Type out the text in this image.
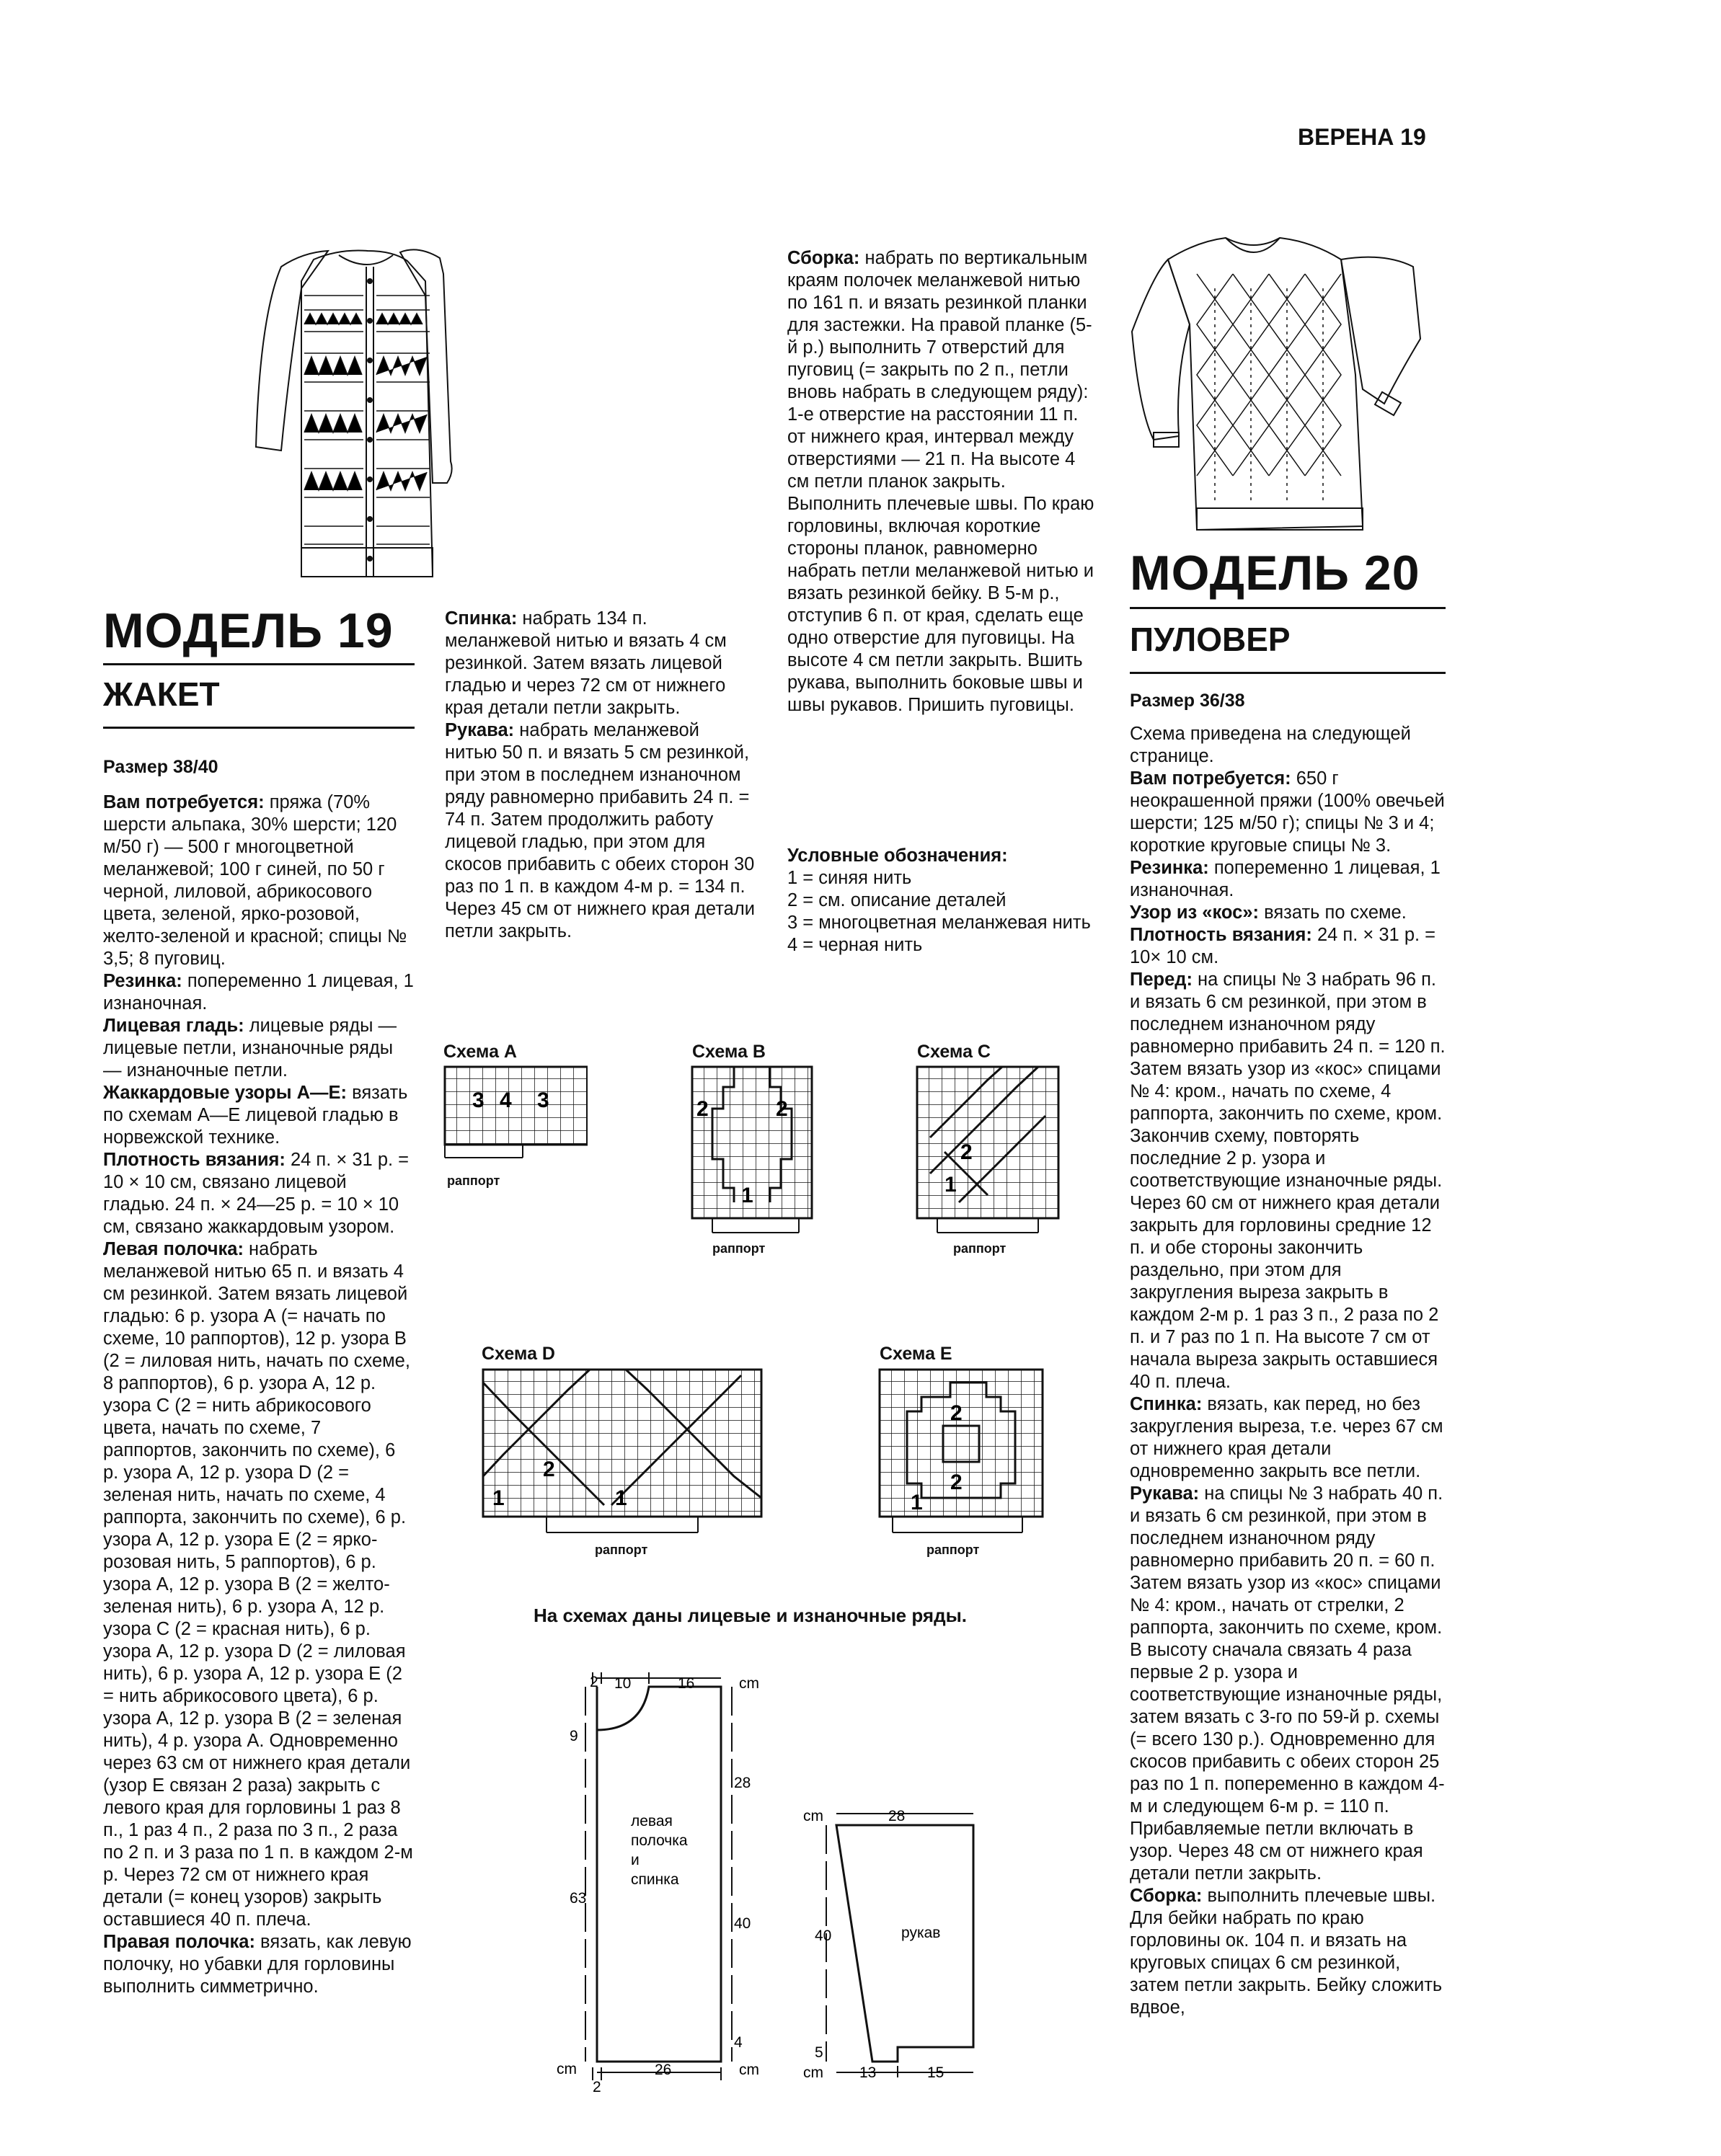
ВЕРЕНА 19
МОДЕЛЬ 19
ЖАКЕТ
Размер 38/40

Вам потребуется: пряжа (70% шерсти альпака, 30% шерсти; 120 м/50 г) — 500 г многоцветной меланжевой; 100 г синей, по 50 г черной, лиловой, абрикосового цвета, зеленой, ярко-розовой, желто-зеленой и красной; спицы № 3,5; 8 пуговиц.

Резинка: попеременно 1 лицевая, 1 изнаночная.

Лицевая гладь: лицевые ряды — лицевые петли, изнаночные ряды — изнаночные петли.

Жаккардовые узоры А—Е: вязать по схемам А—Е лицевой гладью в норвежской технике.

Плотность вязания: 24 п. × 31 р. = 10 × 10 см, связано лицевой гладью. 24 п. × 24—25 р. = 10 × 10 см, связано жаккардовым узором.

Левая полочка: набрать меланжевой нитью 65 п. и вязать 4 см резинкой. Затем вязать лицевой гладью: 6 р. узора А (= начать по схеме, 10 раппортов), 12 р. узора В (2 = лиловая нить, начать по схеме, 8 раппортов), 6 р. узора А, 12 р. узора С (2 = нить абрикосового цвета, начать по схеме, 7 раппортов, закончить по схеме), 6 р. узора А, 12 р. узора D (2 = зеленая нить, начать по схеме, 4 раппорта, закончить по схеме), 6 р. узора А, 12 р. узора Е (2 = ярко-розовая нить, 5 раппортов), 6 р. узора А, 12 р. узора В (2 = желто-зеленая нить), 6 р. узора А, 12 р. узора С (2 = красная нить), 6 р. узора А, 12 р. узора D (2 = лиловая нить), 6 р. узора А, 12 р. узора Е (2 = нить абрикосового цвета), 6 р. узора А, 12 р. узора В (2 = зеленая нить), 4 р. узора А. Одновременно через 63 см от нижнего края детали (узор Е связан 2 раза) закрыть с левого края для горловины 1 раз 8 п., 1 раз 4 п., 2 раза по 3 п., 2 раза по 2 п. и 3 раза по 1 п. в каждом 2-м р. Через 72 см от нижнего края детали (= конец узоров) закрыть оставшиеся 40 п. плеча.

Правая полочка: вязать, как левую полочку, но убавки для горловины выполнить симметрично.

Спинка: набрать 134 п. меланжевой нитью и вязать 4 см резинкой. Затем вязать лицевой гладью и через 72 см от нижнего края детали петли закрыть.

Рукава: набрать меланжевой нитью 50 п. и вязать 5 см резинкой, при этом в последнем изнаночном ряду равномерно прибавить 24 п. = 74 п. Затем продолжить работу лицевой гладью, при этом для скосов прибавить с обеих сторон 30 раз по 1 п. в каждом 4-м р. = 134 п. Через 45 см от нижнего края детали петли закрыть.

Сборка: набрать по вертикальным краям полочек меланжевой нитью по 161 п. и вязать резинкой планки для застежки. На правой планке (5-й р.) выполнить 7 отверстий для пуговиц (= закрыть по 2 п., петли вновь набрать в следующем ряду): 1-е отверстие на расстоянии 11 п. от нижнего края, интервал между отверстиями — 21 п. На высоте 4 см петли планок закрыть. Выполнить плечевые швы. По краю горловины, включая короткие стороны планок, равномерно набрать петли меланжевой нитью и вязать резинкой бейку. В 5-м р., отступив 6 п. от края, сделать еще одно отверстие для пуговицы. На высоте 4 см петли закрыть. Вшить рукава, выполнить боковые швы и швы рукавов. Пришить пуговицы.

Условные обозначения:

1 = синяя нить

2 = см. описание деталей

3 = многоцветная меланжевая нить

4 = черная нить

Схема А
3 4 3
раппорт
Схема В
2	2
1
раппорт
Схема С
2
1
раппорт
Схема D
2
1	1
раппорт
Схема Е
2
2
1
раппорт
На схемах даны лицевые и изнаночные ряды.
2 10	16	cm
9
28
63
40
4
cm	26	cm
2
левая
полочка
и
спинка
cm	28
40
5
cm 13	15
рукав
МОДЕЛЬ 20
ПУЛОВЕР
Размер 36/38

Схема приведена на следующей странице.

Вам потребуется: 650 г неокрашенной пряжи (100% овечьей шерсти; 125 м/50 г); спицы № 3 и 4; короткие круговые спицы № 3.

Резинка: попеременно 1 лицевая, 1 изнаночная.

Узор из «кос»: вязать по схеме.

Плотность вязания: 24 п. × 31 р. = 10× 10 см.

Перед: на спицы № 3 набрать 96 п. и вязать 6 см резинкой, при этом в последнем изнаночном ряду равномерно прибавить 24 п. = 120 п. Затем вязать узор из «кос» спицами № 4: кром., начать по схеме, 4 раппорта, закончить по схеме, кром. Закончив схему, повторять последние 2 р. узора и соответствующие изнаночные ряды. Через 60 см от нижнего края детали закрыть для горловины средние 12 п. и обе стороны закончить раздельно, при этом для закругления выреза закрыть в каждом 2-м р. 1 раз 3 п., 2 раза по 2 п. и 7 раз по 1 п. На высоте 7 см от начала выреза закрыть оставшиеся 40 п. плеча.

Спинка: вязать, как перед, но без закругления выреза, т.е. через 67 см от нижнего края детали одновременно закрыть все петли.

Рукава: на спицы № 3 набрать 40 п. и вязать 6 см резинкой, при этом в последнем изнаночном ряду равномерно прибавить 20 п. = 60 п. Затем вязать узор из «кос» спицами № 4: кром., начать от стрелки, 2 раппорта, закончить по схеме, кром. В высоту сначала связать 4 раза первые 2 р. узора и соответствующие изнаночные ряды, затем вязать с 3-го по 59-й р. схемы (= всего 130 р.). Одновременно для скосов прибавить с обеих сторон 25 раз по 1 п. попеременно в каждом 4-м и следующем 6-м р. = 110 п. Прибавляемые петли включать в узор. Через 48 см от нижнего края детали петли закрыть.

Сборка: выполнить плечевые швы. Для бейки набрать по краю горловины ок. 104 п. и вязать на круговых спицах 6 см резинкой, затем петли закрыть. Бейку сложить вдвое,
